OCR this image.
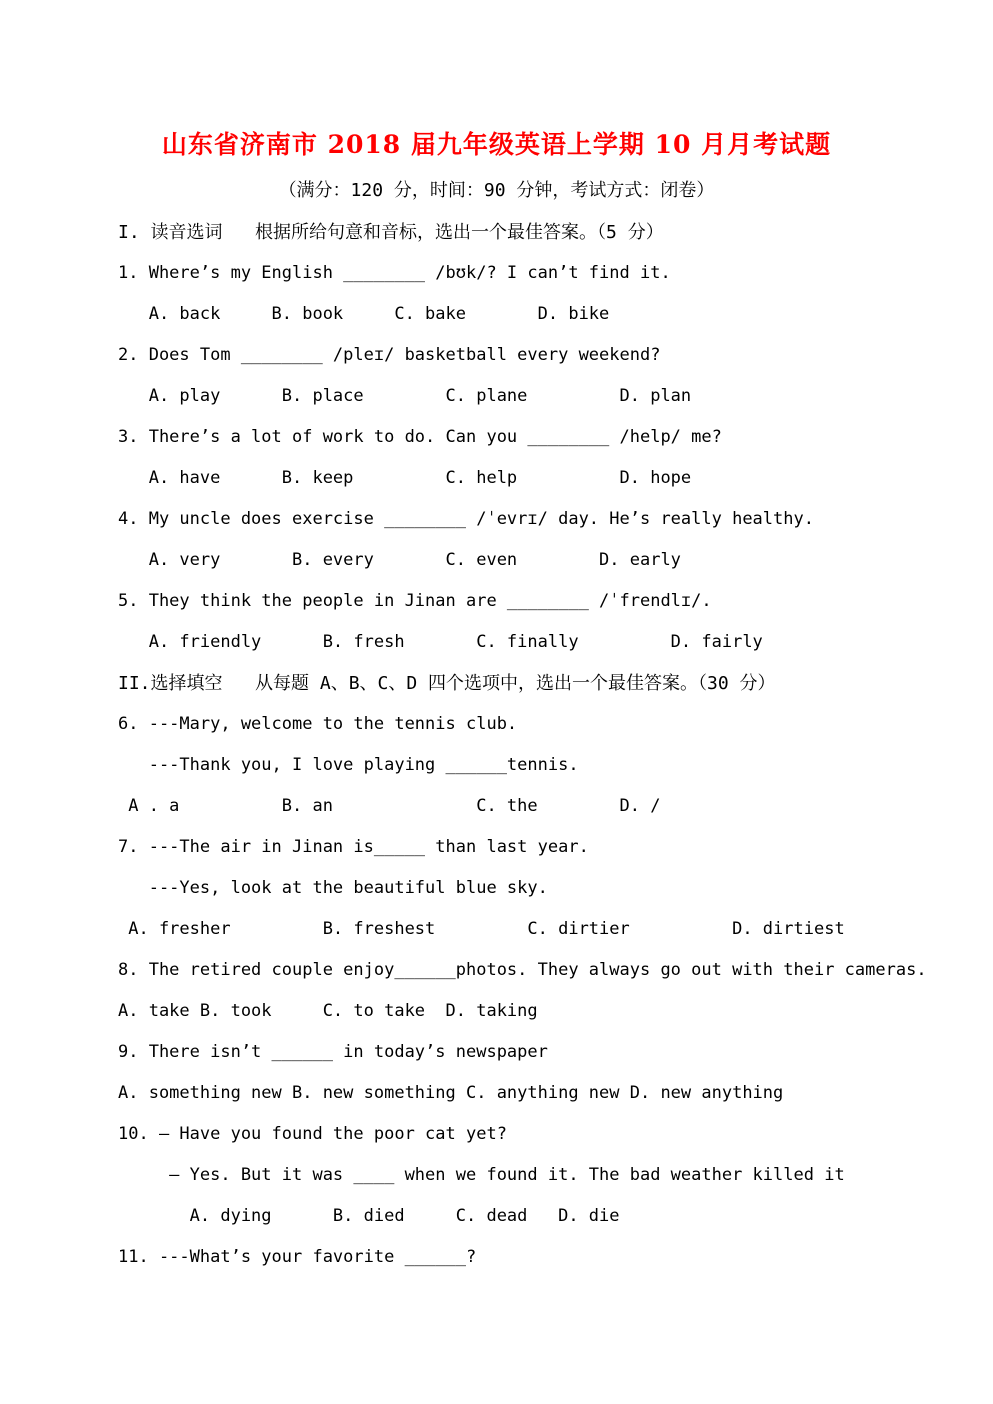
山东省济南市 2018 届九年级英语上学期 10 月月考试题
（满分：120 分，时间：90 分钟，考试方式：闭卷）
I. 读音选词   根据所给句意和音标，选出一个最佳答案。（5 分）
1. Where’s my English ________ /bʊk/? I can’t find it.
A. back     B. book     C. bake       D. bike
2. Does Tom ________ /pleɪ/ basketball every weekend?
A. play      B. place        C. plane         D. plan
3. There’s a lot of work to do. Can you ________ /help/ me?
A. have      B. keep         C. help          D. hope
4. My uncle does exercise ________ /ˈevrɪ/ day. He’s really healthy.
A. very       B. every       C. even        D. early
5. They think the people in Jinan are ________ /ˈfrendlɪ/.
A. friendly      B. fresh       C. finally         D. fairly
II.选择填空   从每题 A、B、C、D 四个选项中，选出一个最佳答案。（30 分）
6. ---Mary, welcome to the tennis club.
---Thank you, I love playing ______tennis.
A . a          B. an              C. the        D. /
7. ---The air in Jinan is_____ than last year.
---Yes, look at the beautiful blue sky.
A. fresher         B. freshest         C. dirtier          D. dirtiest
8. The retired couple enjoy______photos. They always go out with their cameras.
A. take B. took     C. to take  D. taking
9. There isn’t ______ in today’s newspaper
A. something new B. new something C. anything new D. new anything
10. — Have you found the poor cat yet?
— Yes. But it was ____ when we found it. The bad weather killed it
A. dying      B. died     C. dead   D. die
11. ---What’s your favorite ______?
